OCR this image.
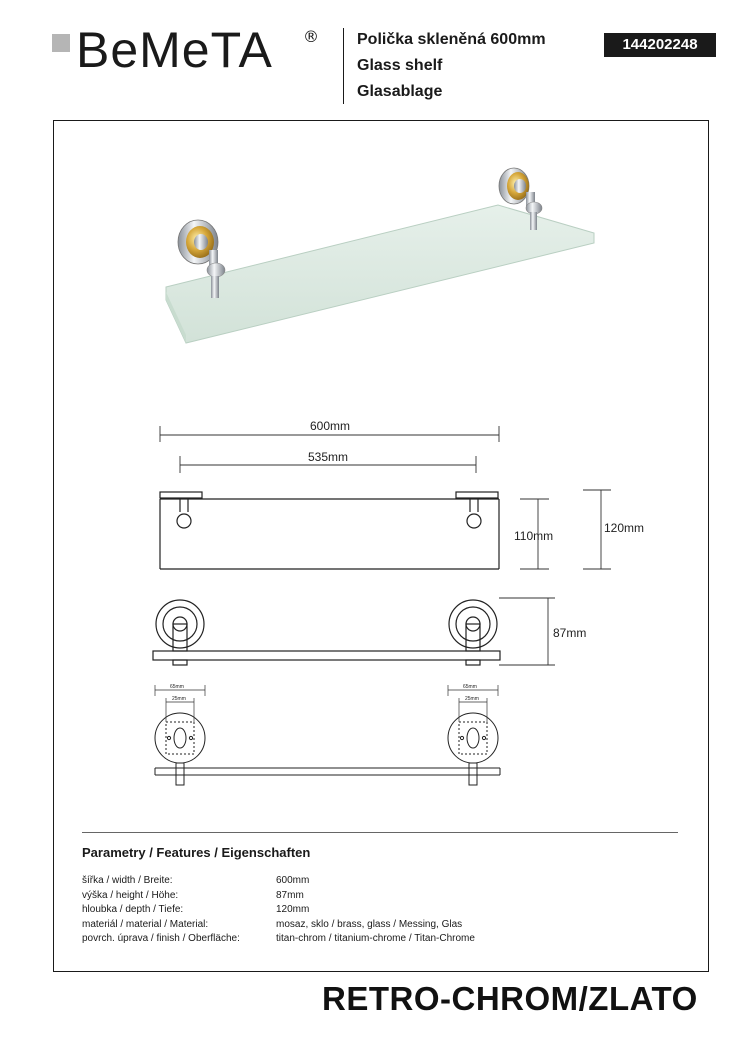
BeMeTA ® Polička skleněná 600mm
Glass shelf
Glasablage
144202248
600mm
535mm
110mm
120mm
87mm
65mm
25mm
65mm
25mm
Parametry / Features / Eigenschaften
šířka / width / Breite:	600mm
výška / height / Höhe:	87mm
hloubka / depth / Tiefe:	120mm
materiál / material / Material:	mosaz, sklo / brass, glass / Messing, Glas
povrch. úprava / finish / Oberfläche:	titan-chrom / titanium-chrome / Titan-Chrome
RETRO-CHROM/ZLATO
